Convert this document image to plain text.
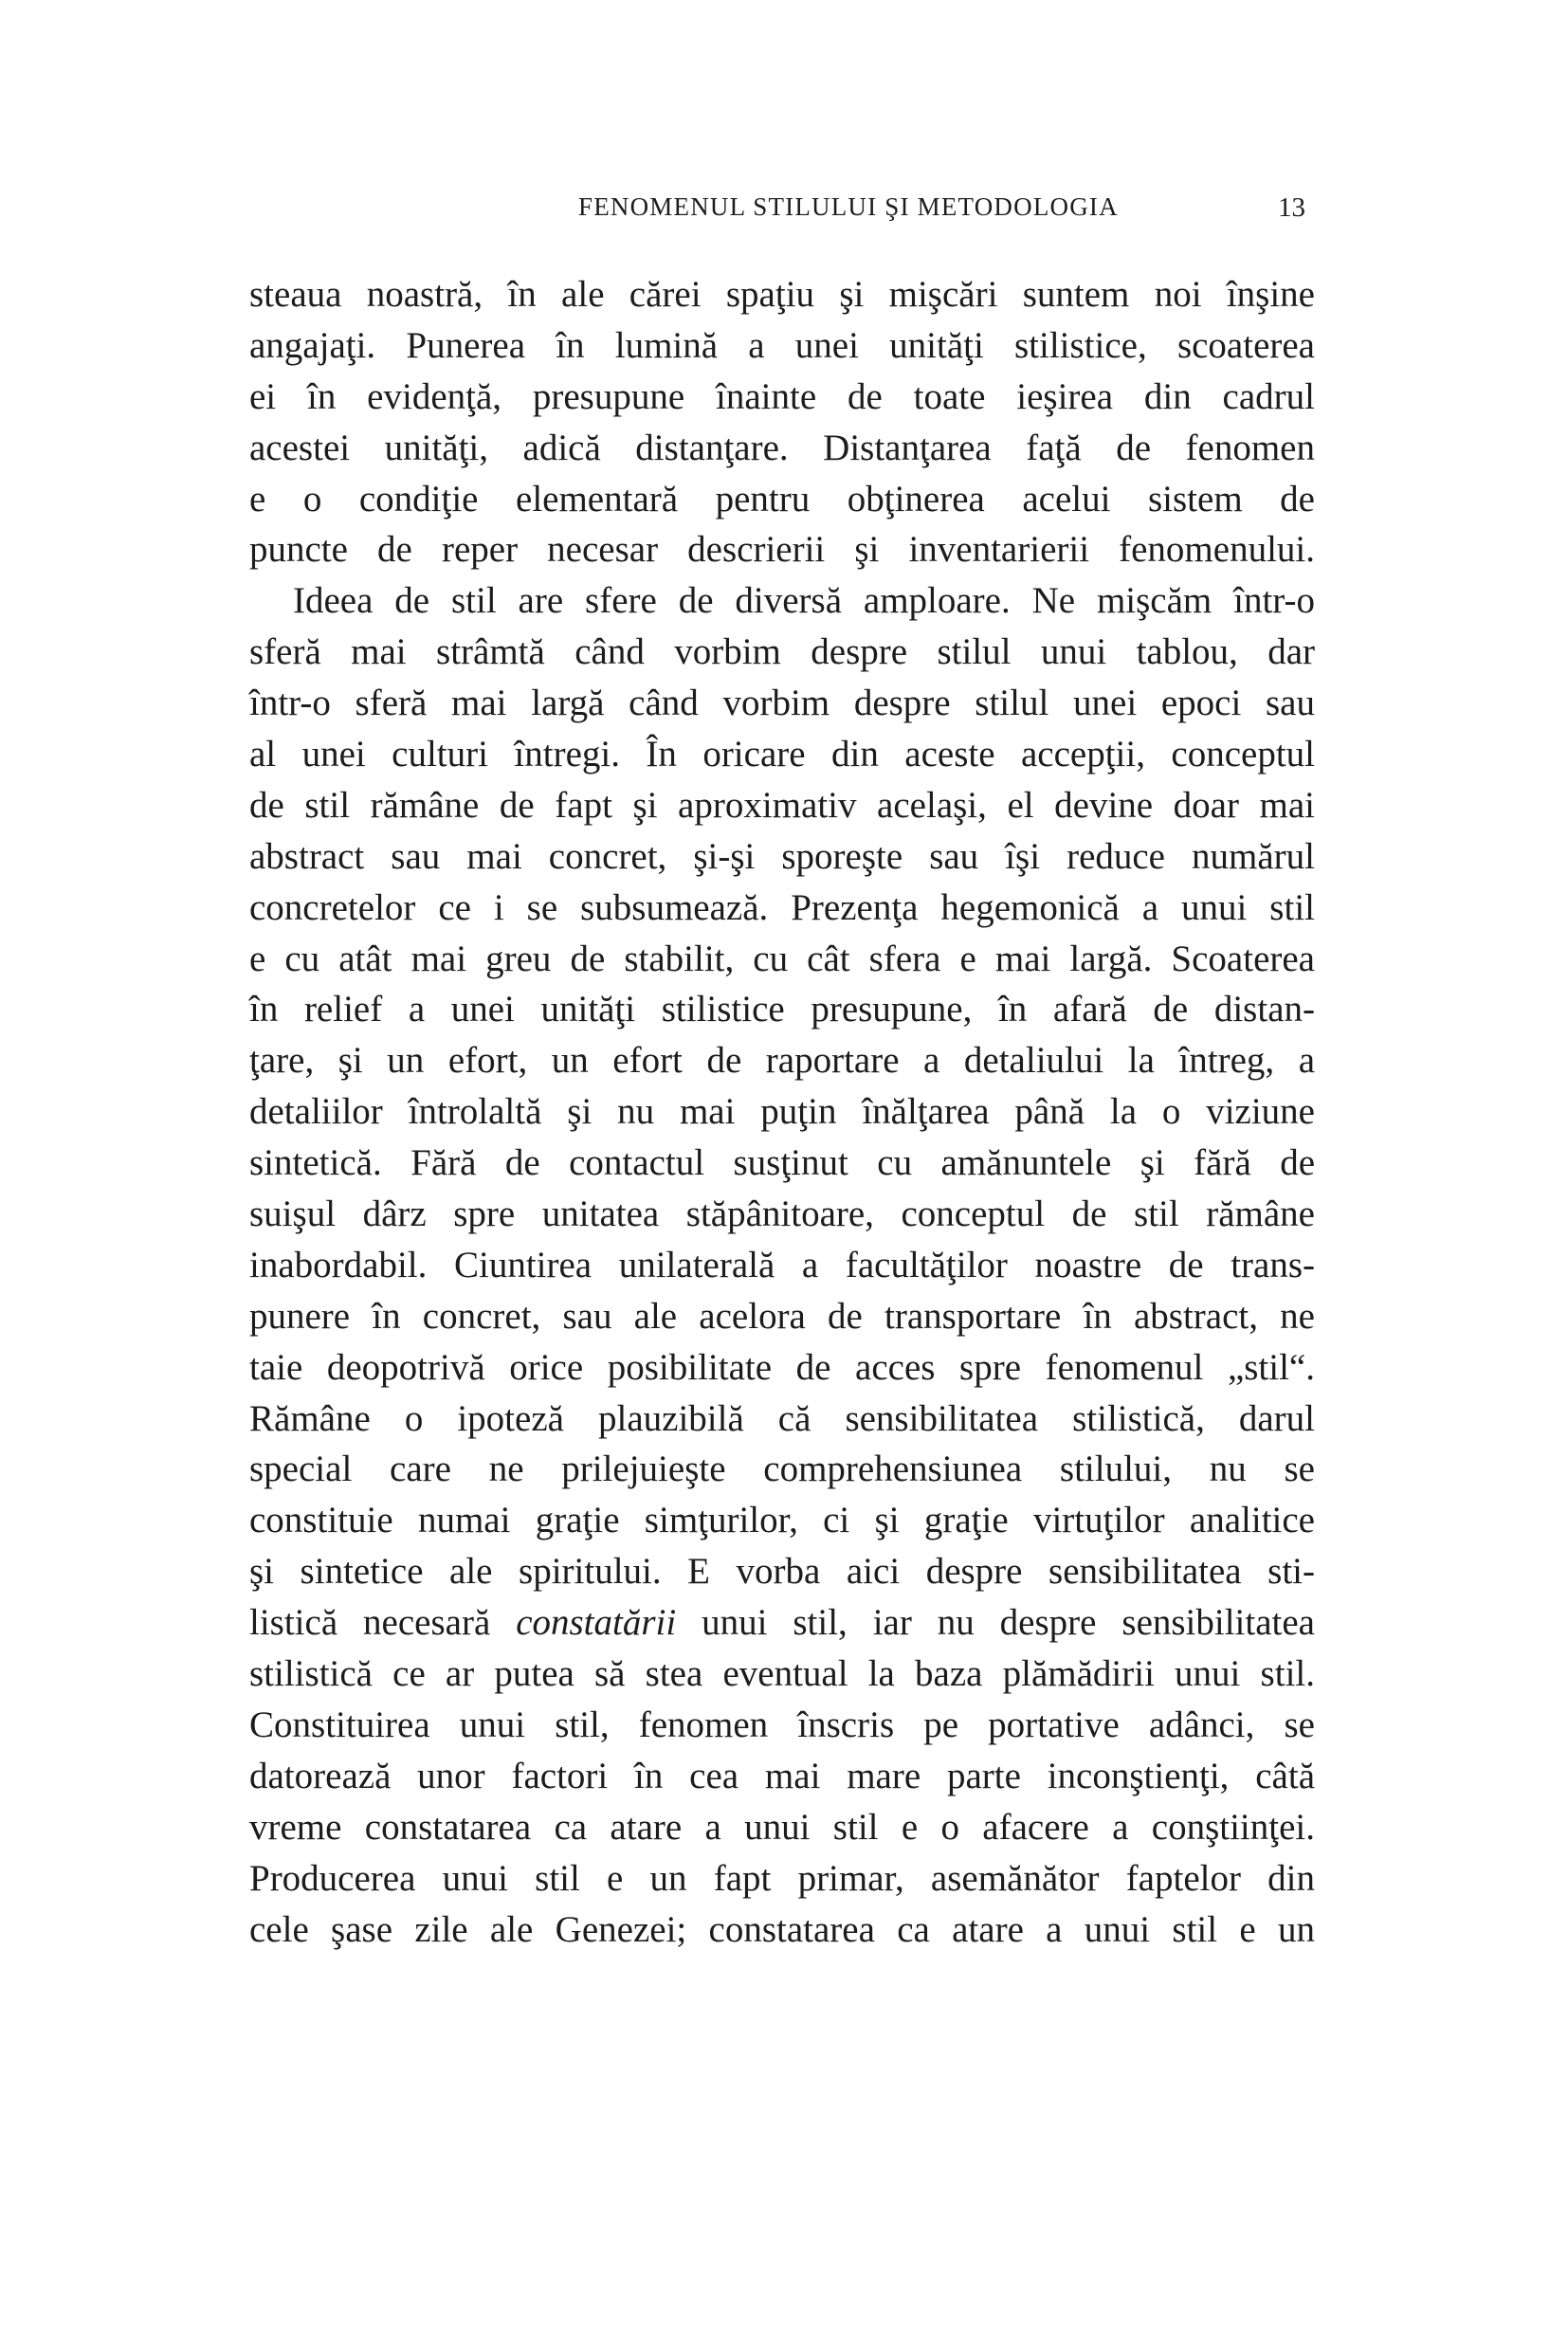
FENOMENUL STILULUI ŞI METODOLOGIA	13
steaua noastră, în ale cărei spaţiu şi mişcări suntem noi înşine
angajaţi. Punerea în lumină a unei unităţi stilistice, scoaterea
ei în evidenţă, presupune înainte de toate ieşirea din cadrul
acestei unităţi, adică distanţare. Distanţarea faţă de fenomen
e o condiţie elementară pentru obţinerea acelui sistem de
puncte de reper necesar descrierii şi inventarierii fenomenului.
Ideea de stil are sfere de diversă amploare. Ne mişcăm într-o
sferă mai strâmtă când vorbim despre stilul unui tablou, dar
într-o sferă mai largă când vorbim despre stilul unei epoci sau
al unei culturi întregi. În oricare din aceste accepţii, conceptul
de stil rămâne de fapt şi aproximativ acelaşi, el devine doar mai
abstract sau mai concret, şi-şi sporeşte sau îşi reduce numărul
concretelor ce i se subsumează. Prezenţa hegemonică a unui stil
e cu atât mai greu de stabilit, cu cât sfera e mai largă. Scoaterea
în relief a unei unităţi stilistice presupune, în afară de distan-
ţare, şi un efort, un efort de raportare a detaliului la întreg, a
detaliilor întrolaltă şi nu mai puţin înălţarea până la o viziune
sintetică. Fără de contactul susţinut cu amănuntele şi fără de
suişul dârz spre unitatea stăpânitoare, conceptul de stil rămâne
inabordabil. Ciuntirea unilaterală a facultăţilor noastre de trans-
punere în concret, sau ale acelora de transportare în abstract, ne
taie deopotrivă orice posibilitate de acces spre fenomenul „stil“.
Rămâne o ipoteză plauzibilă că sensibilitatea stilistică, darul
special care ne prilejuieşte comprehensiunea stilului, nu se
constituie numai graţie simţurilor, ci şi graţie virtuţilor analitice
şi sintetice ale spiritului. E vorba aici despre sensibilitatea sti-
listică necesară constatării unui stil, iar nu despre sensibilitatea
stilistică ce ar putea să stea eventual la baza plămădirii unui stil.
Constituirea unui stil, fenomen înscris pe portative adânci, se
datorează unor factori în cea mai mare parte inconştienţi, câtă
vreme constatarea ca atare a unui stil e o afacere a conştiinţei.
Producerea unui stil e un fapt primar, asemănător faptelor din
cele şase zile ale Genezei; constatarea ca atare a unui stil e un
